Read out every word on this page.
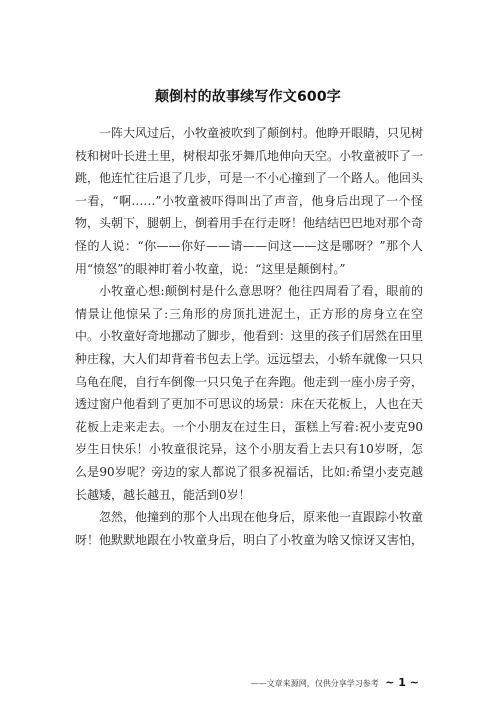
颠倒村的故事续写作文600字

一阵大风过后，小牧童被吹到了颠倒村。他睁开眼睛，只见树枝和树叶长进土里，树根却张牙舞爪地伸向天空。小牧童被吓了一跳，他连忙往后退了几步，可是一不小心撞到了一个路人。他回头一看，“啊……”小牧童被吓得叫出了声音，他身后出现了一个怪物，头朝下，腿朝上，倒着用手在行走呀！他结结巴巴地对那个奇怪的人说：“你——你好——请——问这——这是哪呀？”那个人用“愤怒”的眼神盯着小牧童，说：“这里是颠倒村。”

小牧童心想:颠倒村是什么意思呀？他往四周看了看，眼前的情景让他惊呆了:三角形的房顶扎进泥土，正方形的房身立在空中。小牧童好奇地挪动了脚步，他看到：这里的孩子们居然在田里种庄稼，大人们却背着书包去上学。远远望去，小轿车就像一只只乌龟在爬，自行车倒像一只只兔子在奔跑。他走到一座小房子旁，透过窗户他看到了更加不可思议的场景：床在天花板上，人也在天花板上走来走去。一个小朋友在过生日，蛋糕上写着:祝小麦克90岁生日快乐！小牧童很诧异，这个小朋友看上去只有10岁呀，怎么是90岁呢？旁边的家人都说了很多祝福话，比如:希望小麦克越长越矮，越长越丑，能活到0岁！

忽然，他撞到的那个人出现在他身后，原来他一直跟踪小牧童呀！他默默地跟在小牧童身后，明白了小牧童为啥又惊讶又害怕，

——文章来源网，仅供分享学习参考 ~ 1 ~
